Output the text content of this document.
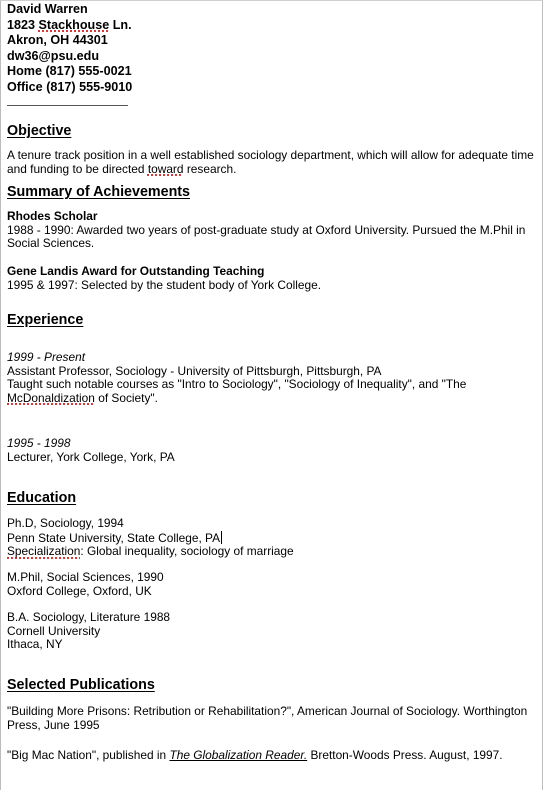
David Warren
1823 Stackhouse Ln.
Akron, OH 44301
dw36@psu.edu
Home (817) 555-0021
Office (817) 555-9010
Objective
A tenure track position in a well established sociology department, which will allow for adequate time and funding to be directed toward research.
Summary of Achievements
Rhodes Scholar
1988 - 1990: Awarded two years of post-graduate study at Oxford University. Pursued the M.Phil in Social Sciences.
Gene Landis Award for Outstanding Teaching
1995 & 1997: Selected by the student body of York College.
Experience
1999 - Present
Assistant Professor, Sociology - University of Pittsburgh, Pittsburgh, PA
Taught such notable courses as "Intro to Sociology", "Sociology of Inequality", and "The McDonaldization of Society".
1995 - 1998
Lecturer, York College, York, PA
Education
Ph.D, Sociology, 1994
Penn State University, State College, PA
Specialization: Global inequality, sociology of marriage
M.Phil, Social Sciences, 1990
Oxford College, Oxford, UK
B.A. Sociology, Literature 1988
Cornell University
Ithaca, NY
Selected Publications
"Building More Prisons: Retribution or Rehabilitation?", American Journal of Sociology. Worthington Press, June 1995
"Big Mac Nation", published in The Globalization Reader. Bretton-Woods Press. August, 1997.
